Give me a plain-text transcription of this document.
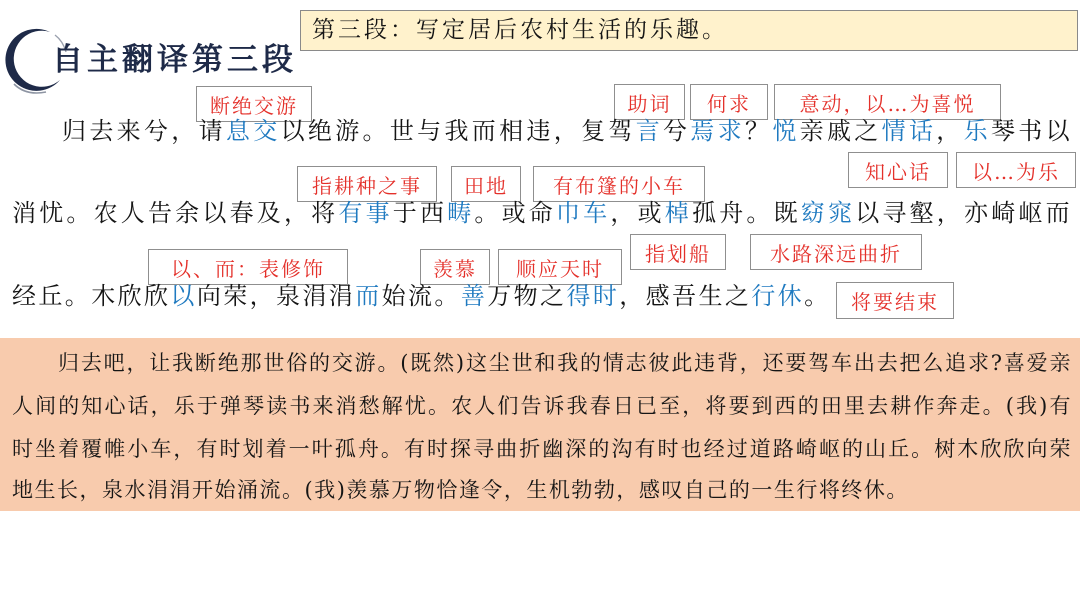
第三段：写定居后农村生活的乐趣。
自主翻译第三段
断绝交游	助词	何求	意动，以…为喜悦
知心话	以…为乐
指耕种之事	田地	有布篷的小车
指划船	水路深远曲折
以、而：表修饰	羡慕	顺应天时
将要结束
归去来兮，请息交以绝游。世与我而相违，复驾言兮焉求？悦亲戚之情话，乐琴书以
消忧。农人告余以春及，将有事于西畴。或命巾车，或棹孤舟。既窈窕以寻壑，亦崎岖而
经丘。木欣欣以向荣，泉涓涓而始流。善万物之得时，感吾生之行休。
归去吧，让我断绝那世俗的交游。(既然)这尘世和我的情志彼此违背，还要驾车出去把么追求?喜爱亲
人间的知心话，乐于弹琴读书来消愁解忧。农人们告诉我春日已至，将要到西的田里去耕作奔走。(我)有
时坐着覆帷小车，有时划着一叶孤舟。有时探寻曲折幽深的沟有时也经过道路崎岖的山丘。树木欣欣向荣
地生长，泉水涓涓开始涌流。(我)羡慕万物恰逢令，生机勃勃，感叹自己的一生行将终休。
